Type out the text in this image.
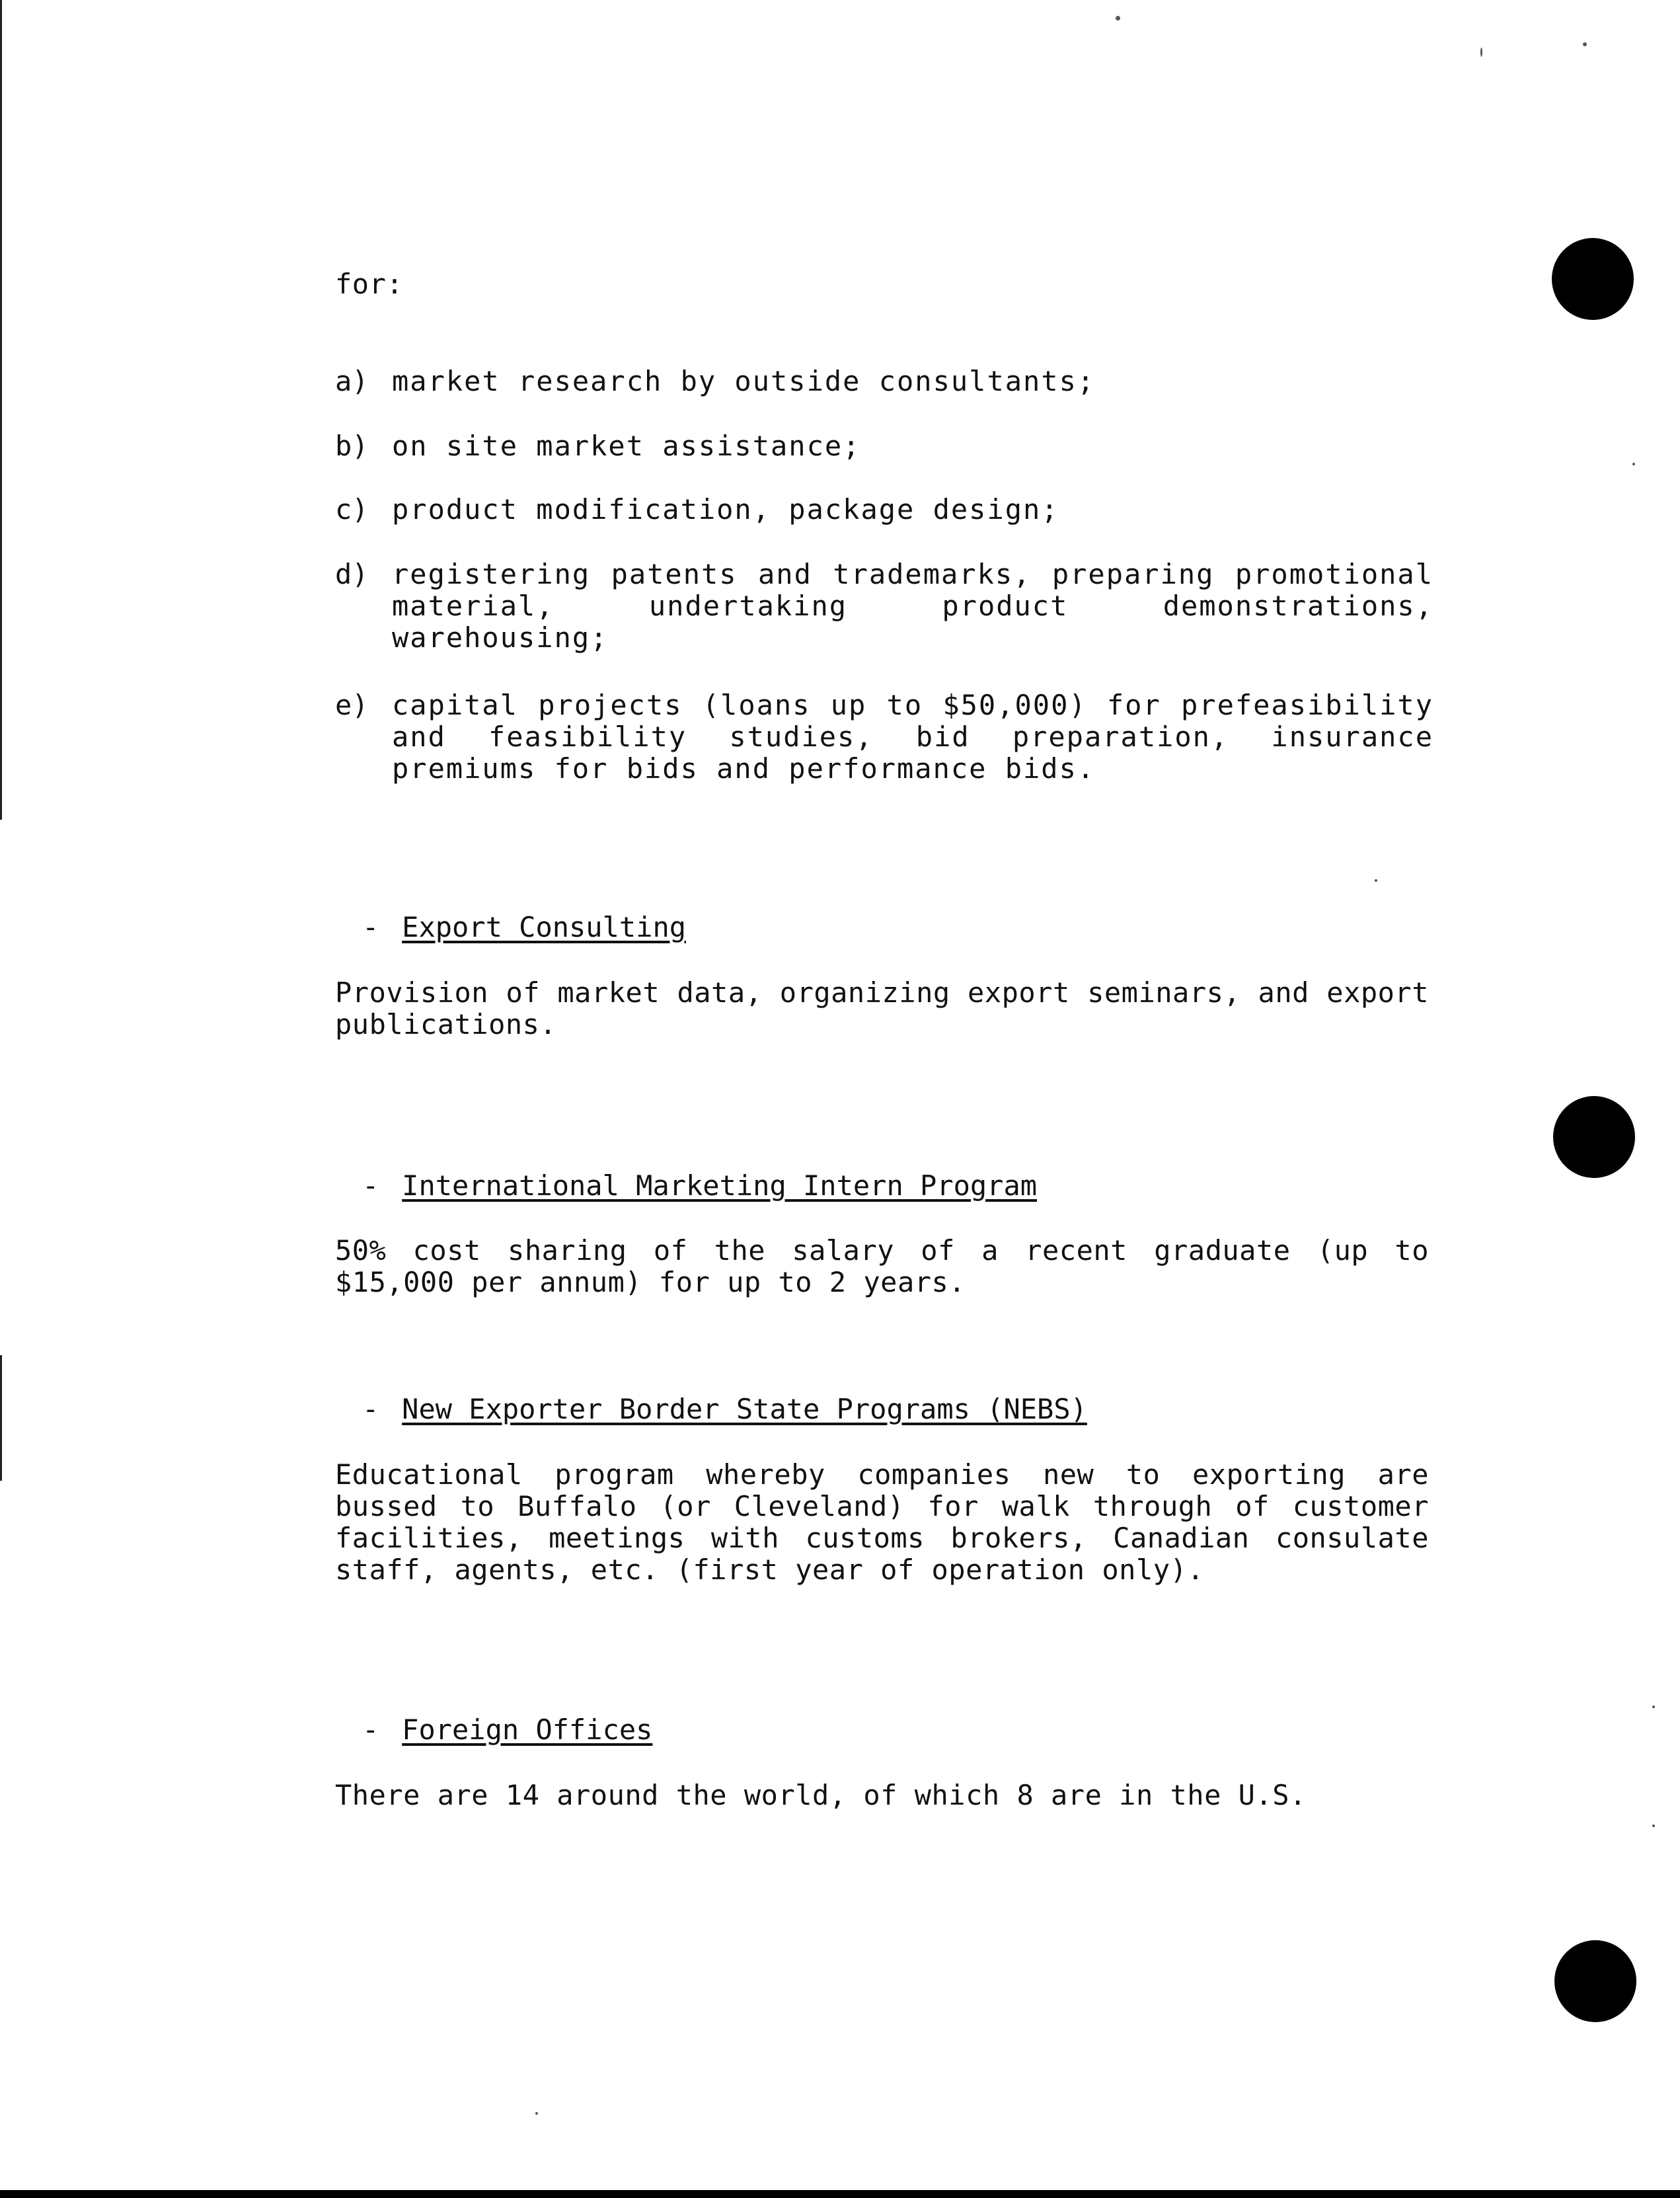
for:
a) market research by outside consultants;
b) on site market assistance;
c) product modification, package design;
d) registering patents and trademarks, preparing promotional material, undertaking product demonstrations, warehousing;
e) capital projects (loans up to $50,000) for prefeasibility and feasibility studies, bid preparation, insurance premiums for bids and performance bids.

- Export Consulting

Provision of market data, organizing export seminars, and export publications.

- International Marketing Intern Program

50% cost sharing of the salary of a recent graduate (up to $15,000 per annum) for up to 2 years.

- New Exporter Border State Programs (NEBS)

Educational program whereby companies new to exporting are bussed to Buffalo (or Cleveland) for walk through of customer facilities, meetings with customs brokers, Canadian consulate staff, agents, etc. (first year of operation only).

- Foreign Offices

There are 14 around the world, of which 8 are in the U.S.
